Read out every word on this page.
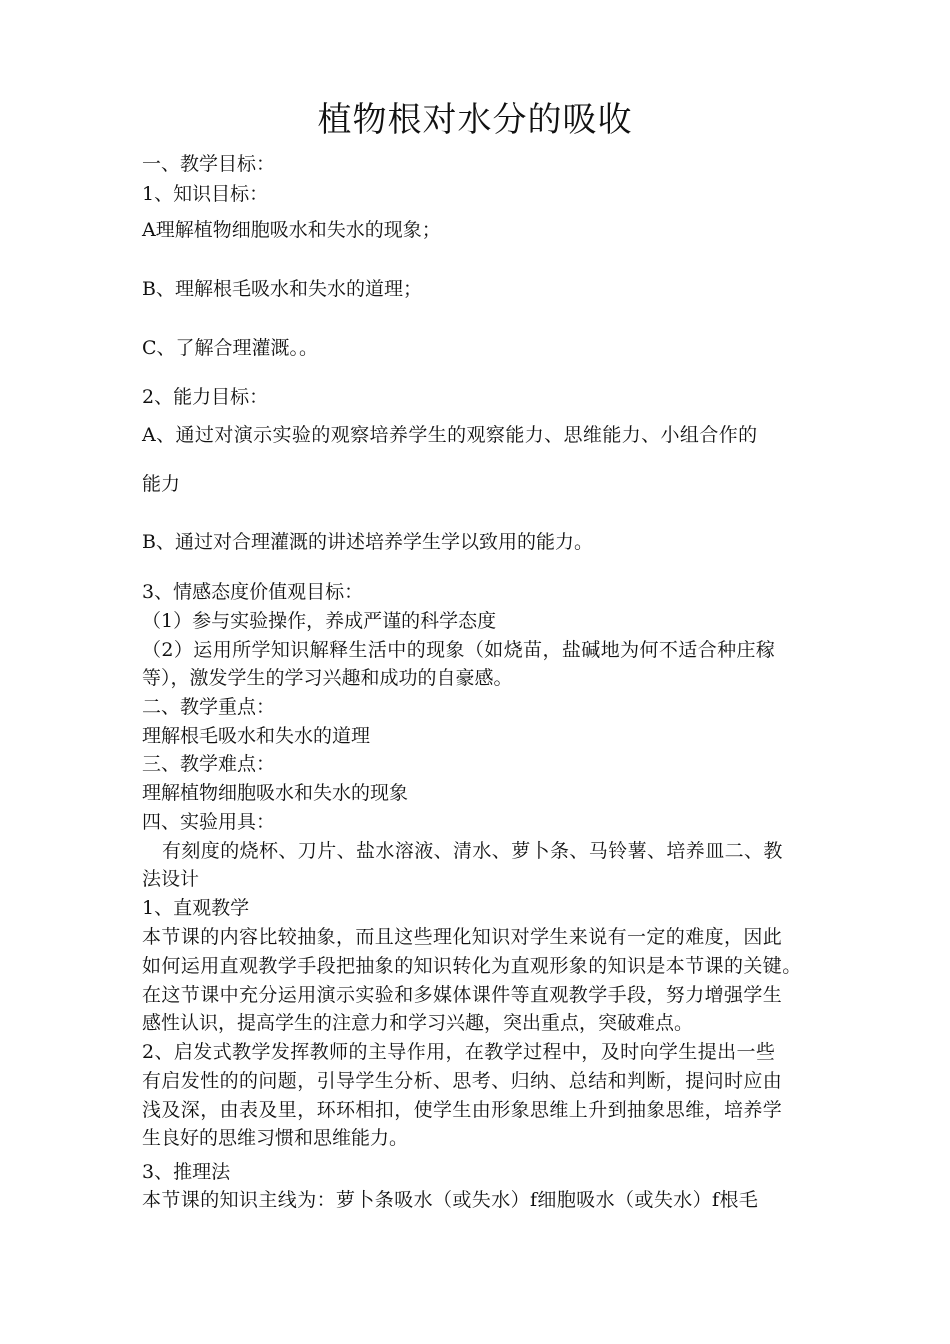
植物根对水分的吸收
一、教学目标：
1、知识目标：
A理解植物细胞吸水和失水的现象；
B、理解根毛吸水和失水的道理；
C、了解合理灌溉。。
2、能力目标：
A、通过对演示实验的观察培养学生的观察能力、思维能力、小组合作的
能力
B、通过对合理灌溉的讲述培养学生学以致用的能力。
3、情感态度价值观目标：
（1）参与实验操作，养成严谨的科学态度
（2）运用所学知识解释生活中的现象（如烧苗，盐碱地为何不适合种庄稼
等），激发学生的学习兴趣和成功的自豪感。
二、教学重点：
理解根毛吸水和失水的道理
三、教学难点：
理解植物细胞吸水和失水的现象
四、实验用具：
有刻度的烧杯、刀片、盐水溶液、清水、萝卜条、马铃薯、培养皿二、教
法设计
1、直观教学
本节课的内容比较抽象，而且这些理化知识对学生来说有一定的难度，因此
如何运用直观教学手段把抽象的知识转化为直观形象的知识是本节课的关键。
在这节课中充分运用演示实验和多媒体课件等直观教学手段，努力增强学生
感性认识，提高学生的注意力和学习兴趣，突出重点，突破难点。
2、启发式教学发挥教师的主导作用，在教学过程中，及时向学生提出一些
有启发性的的问题，引导学生分析、思考、归纳、总结和判断，提问时应由
浅及深，由表及里，环环相扣，使学生由形象思维上升到抽象思维，培养学
生良好的思维习惯和思维能力。
3、推理法
本节课的知识主线为：萝卜条吸水（或失水）f细胞吸水（或失水）f根毛
